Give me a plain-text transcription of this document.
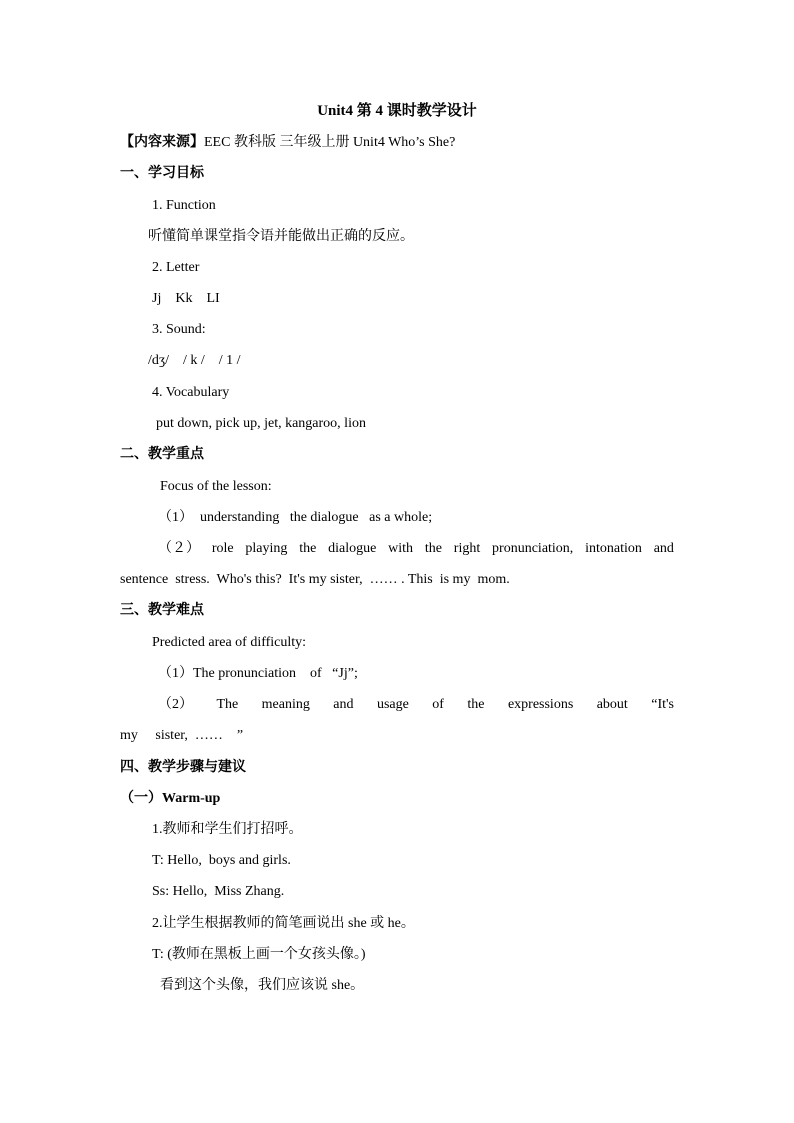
Unit4 第 4 课时教学设计
【内容来源】EEC 教科版 三年级上册 Unit4 Who’s She?
一、学习目标
1. Function
听懂简单课堂指令语并能做出正确的反应。
2. Letter
Jj    Kk    LI
3. Sound:
/dʒ/    / k /    / 1 /
4. Vocabulary
put down, pick up, jet, kangaroo, lion
二、教学重点
Focus of the lesson:
（1）  understanding   the dialogue   as a whole;
（２） role playing the dialogue with the right pronunciation, intonation and
sentence  stress.  Who's this?  It's my sister,  …… . This  is my  mom.
三、教学难点
Predicted area of difficulty:
（1）The pronunciation    of   “Jj”;
（2） The meaning and usage of the expressions about “It's
my     sister,  ……    ”
四、教学步骤与建议
（一）Warm-up
1.教师和学生们打招呼。
T: Hello,  boys and girls.
Ss: Hello,  Miss Zhang.
2.让学生根据教师的简笔画说出 she 或 he。
T: (教师在黑板上画一个女孩头像。)
看到这个头像，我们应该说 she。
